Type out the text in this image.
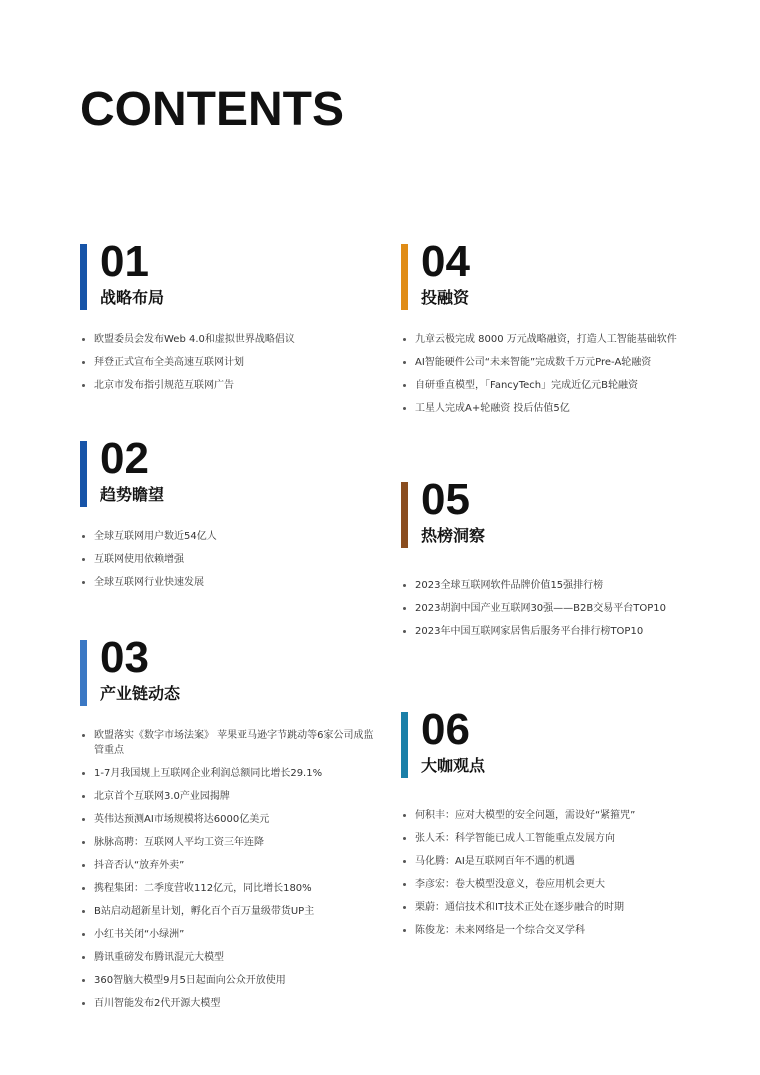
CONTENTS
01
战略布局
欧盟委员会发布Web 4.0和虚拟世界战略倡议
拜登正式宣布全美高速互联网计划
北京市发布指引规范互联网广告
02
趋势瞻望
全球互联网用户数近54亿人
互联网使用依赖增强
全球互联网行业快速发展
03
产业链动态
欧盟落实《数字市场法案》 苹果亚马逊字节跳动等6家公司成监管重点
1-7月我国规上互联网企业利润总额同比增长29.1%
北京首个互联网3.0产业园揭牌
英伟达预测AI市场规模将达6000亿美元
脉脉高聘：互联网人平均工资三年连降
抖音否认“放弃外卖”
携程集团：二季度营收112亿元，同比增长180%
B站启动超新星计划，孵化百个百万量级带货UP主
小红书关闭“小绿洲”
腾讯重磅发布腾讯混元大模型
360智脑大模型9月5日起面向公众开放使用
百川智能发布2代开源大模型
04
投融资
九章云极完成 8000 万元战略融资，打造人工智能基础软件
AI智能硬件公司“未来智能”完成数千万元Pre-A轮融资
自研垂直模型，「FancyTech」完成近亿元B轮融资
工星人完成A+轮融资 投后估值5亿
05
热榜洞察
2023全球互联网软件品牌价值15强排行榜
2023胡润中国产业互联网30强——B2B交易平台TOP10
2023年中国互联网家居售后服务平台排行榜TOP10
06
大咖观点
何积丰：应对大模型的安全问题，需设好“紧箍咒”
张人禾：科学智能已成人工智能重点发展方向
马化腾：AI是互联网百年不遇的机遇
李彦宏：卷大模型没意义，卷应用机会更大
栗蔚：通信技术和IT技术正处在逐步融合的时期
陈俊龙：未来网络是一个综合交叉学科
